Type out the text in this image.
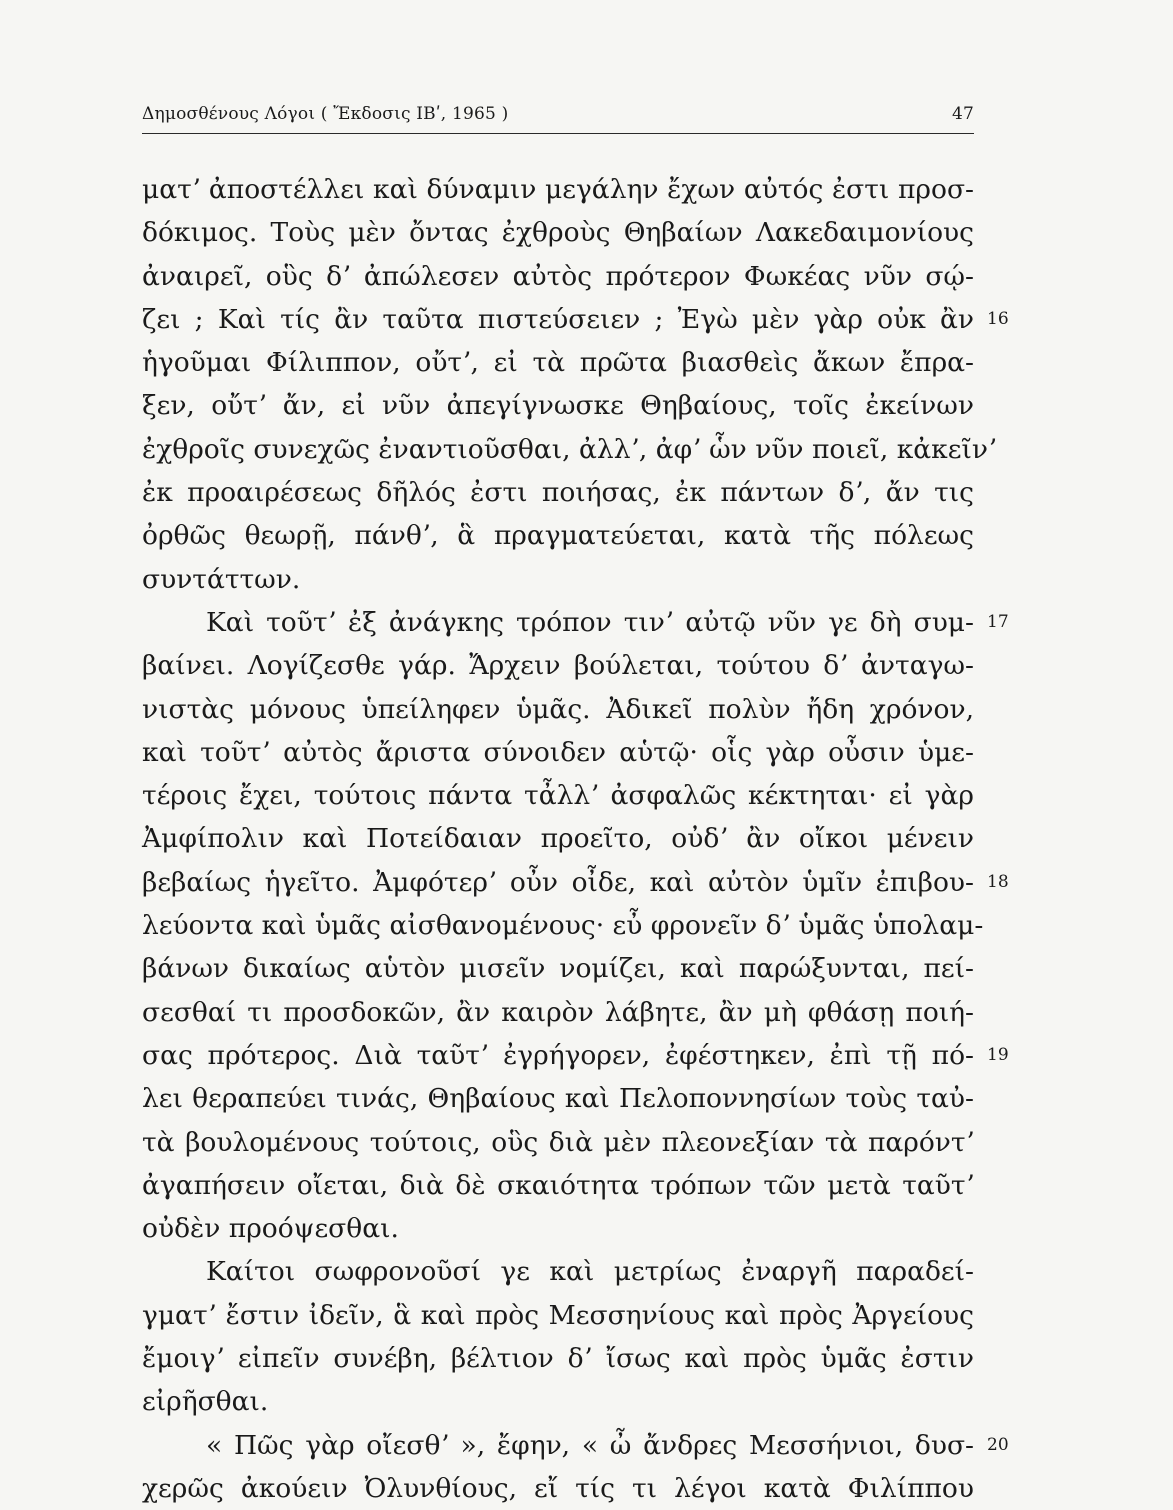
Δημοσθένους Λόγοι ( Ἔκδοσις ΙΒʹ, 1965 )	47
ματʼ ἀποστέλλει καὶ δύναμιν μεγάλην ἔχων αὐτός ἐστι προσ-
δόκιμος. Τοὺς μὲν ὄντας ἐχθροὺς Θηβαίων Λακεδαιμονίους
ἀναιρεῖ, οὓς δʼ ἀπώλεσεν αὐτὸς πρότερον Φωκέας νῦν σῴ-
ζει ; Καὶ τίς ἂν ταῦτα πιστεύσειεν ; Ἐγὼ μὲν γὰρ οὐκ ἂν 16
ἡγοῦμαι Φίλιππον, οὔτʼ, εἰ τὰ πρῶτα βιασθεὶς ἄκων ἔπρα-
ξεν, οὔτʼ ἄν, εἰ νῦν ἀπεγίγνωσκε Θηβαίους, τοῖς ἐκείνων
ἐχθροῖς συνεχῶς ἐναντιοῦσθαι, ἀλλʼ, ἀφʼ ὧν νῦν ποιεῖ, κἀκεῖνʼ
ἐκ προαιρέσεως δῆλός ἐστι ποιήσας, ἐκ πάντων δʼ, ἄν τις
ὀρθῶς θεωρῇ, πάνθʼ, ἃ πραγματεύεται, κατὰ τῆς πόλεως
συντάττων.
Καὶ τοῦτʼ ἐξ ἀνάγκης τρόπον τινʼ αὐτῷ νῦν γε δὴ συμ- 17
βαίνει. Λογίζεσθε γάρ. Ἄρχειν βούλεται, τούτου δʼ ἀνταγω-
νιστὰς μόνους ὑπείληφεν ὑμᾶς. Ἀδικεῖ πολὺν ἤδη χρόνον,
καὶ τοῦτʼ αὐτὸς ἄριστα σύνοιδεν αὑτῷ· οἷς γὰρ οὖσιν ὑμε-
τέροις ἔχει, τούτοις πάντα τἆλλʼ ἀσφαλῶς κέκτηται· εἰ γὰρ
Ἀμφίπολιν καὶ Ποτείδαιαν προεῖτο, οὐδʼ ἂν οἴκοι μένειν
βεβαίως ἡγεῖτο. Ἀμφότερʼ οὖν οἶδε, καὶ αὐτὸν ὑμῖν ἐπιβου- 18
λεύοντα καὶ ὑμᾶς αἰσθανομένους· εὖ φρονεῖν δʼ ὑμᾶς ὑπολαμ-
βάνων δικαίως αὑτὸν μισεῖν νομίζει, καὶ παρώξυνται, πεί-
σεσθαί τι προσδοκῶν, ἂν καιρὸν λάβητε, ἂν μὴ φθάσῃ ποιή-
σας πρότερος. Διὰ ταῦτʼ ἐγρήγορεν, ἐφέστηκεν, ἐπὶ τῇ πό- 19
λει θεραπεύει τινάς, Θηβαίους καὶ Πελοποννησίων τοὺς ταὐ-
τὰ βουλομένους τούτοις, οὓς διὰ μὲν πλεονεξίαν τὰ παρόντʼ
ἀγαπήσειν οἴεται, διὰ δὲ σκαιότητα τρόπων τῶν μετὰ ταῦτʼ
οὐδὲν προόψεσθαι.
Καίτοι σωφρονοῦσί γε καὶ μετρίως ἐναργῆ παραδεί-
γματʼ ἔστιν ἰδεῖν, ἃ καὶ πρὸς Μεσσηνίους καὶ πρὸς Ἀργείους
ἔμοιγʼ εἰπεῖν συνέβη, βέλτιον δʼ ἴσως καὶ πρὸς ὑμᾶς ἐστιν
εἰρῆσθαι.
« Πῶς γὰρ οἴεσθʼ », ἔφην, « ὦ ἄνδρες Μεσσήνιοι, δυσ- 20
χερῶς ἀκούειν Ὀλυνθίους, εἴ τίς τι λέγοι κατὰ Φιλίππου
